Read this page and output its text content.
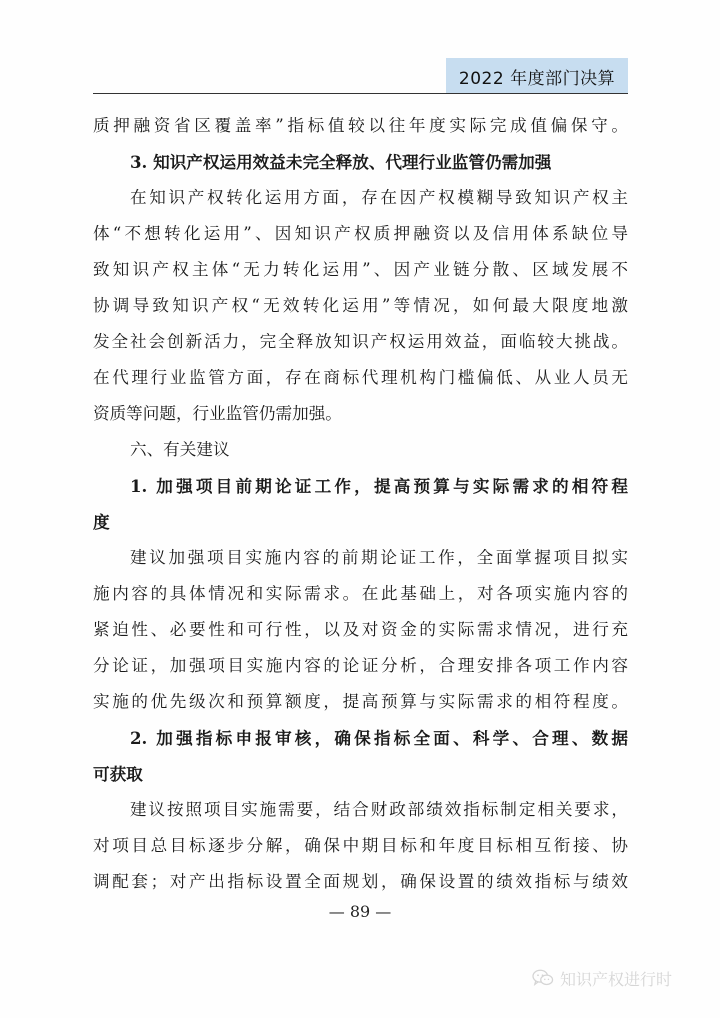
2022 年度部门决算
质押融资省区覆盖率”指标值较以往年度实际完成值偏保守。
3. 知识产权运用效益未完全释放、代理行业监管仍需加强
在知识产权转化运用方面，存在因产权模糊导致知识产权主
体“不想转化运用”、因知识产权质押融资以及信用体系缺位导
致知识产权主体“无力转化运用”、因产业链分散、区域发展不
协调导致知识产权“无效转化运用”等情况，如何最大限度地激
发全社会创新活力，完全释放知识产权运用效益，面临较大挑战。
在代理行业监管方面，存在商标代理机构门槛偏低、从业人员无
资质等问题，行业监管仍需加强。
六、有关建议
1. 加强项目前期论证工作，提高预算与实际需求的相符程
度
建议加强项目实施内容的前期论证工作，全面掌握项目拟实
施内容的具体情况和实际需求。在此基础上，对各项实施内容的
紧迫性、必要性和可行性，以及对资金的实际需求情况，进行充
分论证，加强项目实施内容的论证分析，合理安排各项工作内容
实施的优先级次和预算额度，提高预算与实际需求的相符程度。
2. 加强指标申报审核，确保指标全面、科学、合理、数据
可获取
建议按照项目实施需要，结合财政部绩效指标制定相关要求，
对项目总目标逐步分解，确保中期目标和年度目标相互衔接、协
调配套；对产出指标设置全面规划，确保设置的绩效指标与绩效
— 89 —
知识产权进行时
